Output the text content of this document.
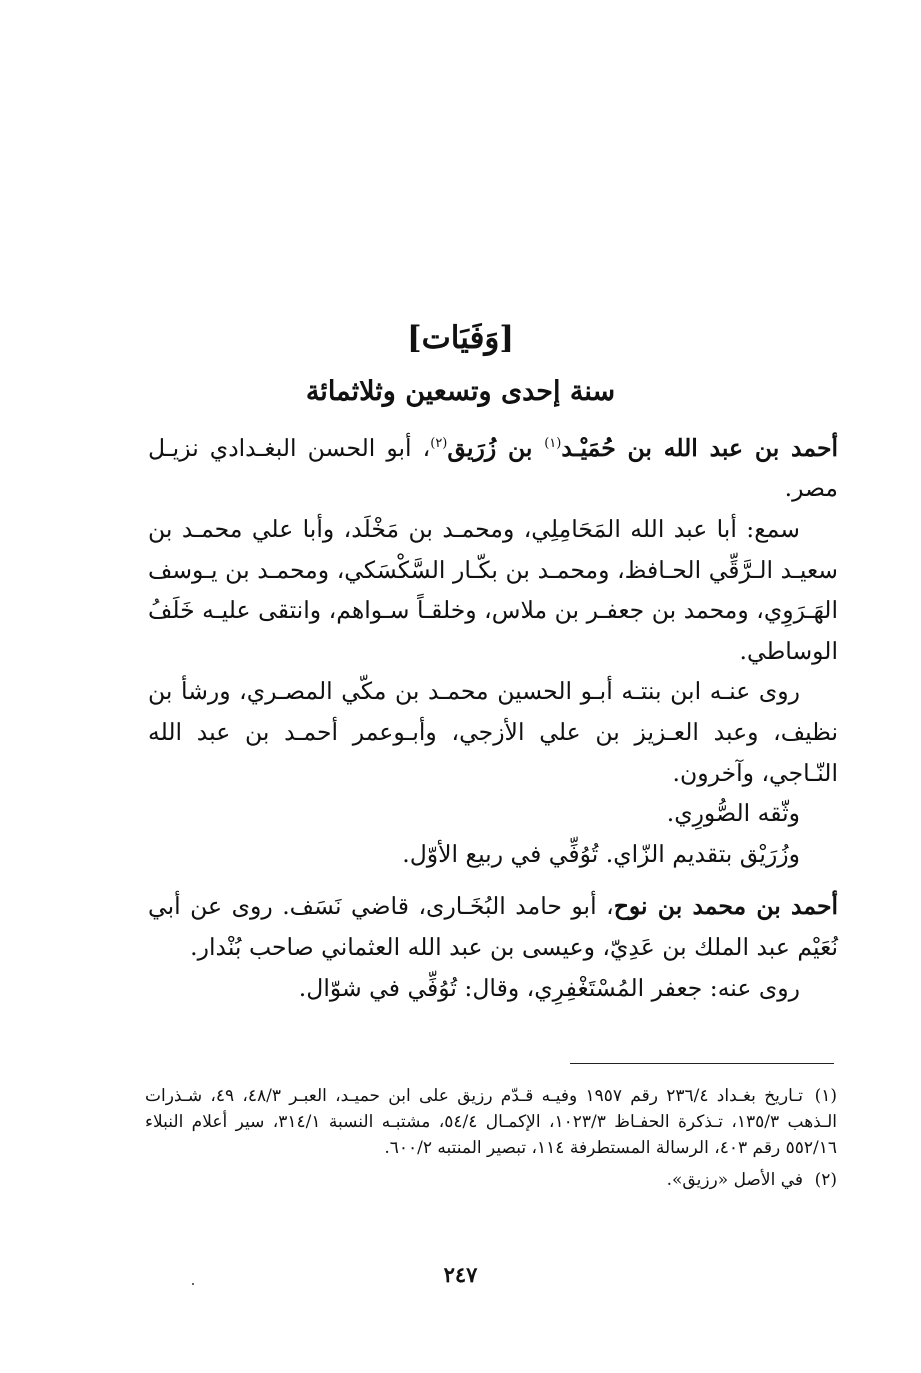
[وَفَيَات]
سنة إحدى وتسعين وثلاثمائة

أحمد بن عبد الله بن حُمَيْـد$^{(١)}$ بن زُرَيق$^{(٢)}$، أبو الحسن البغـدادي نزيـل مصر.

سمع: أبا عبد الله المَحَامِلِي، ومحمـد بن مَخْلَد، وأبا علي محمـد بن سعيـد الـرَّقِّي الحـافظ، ومحمـد بن بكّـار السَّكْسَكي، ومحمـد بن يـوسف الهَـرَوِي، ومحمد بن جعفـر بن ملاس، وخلقـاً سـواهم، وانتقى عليـه خَلَفُ الوساطي.

روى عنـه ابن بنتـه أبـو الحسين محمـد بن مكّي المصـري، ورشأ بن نظيف، وعبد العـزيز بن علي الأزجي، وأبـوعمر أحمـد بن عبد الله النّـاجي، وآخرون.

وثّقه الصُّورِي.

وزُرَيْق بتقديم الزّاي. تُوُفِّي في ربيع الأوّل.

أحمد بن محمد بن نوح، أبو حامد البُخَـارى، قاضي نَسَف. روى عن أبي نُعَيْم عبد الملك بن عَدِيّ، وعيسى بن عبد الله العثماني صاحب بُنْدار.

روى عنه: جعفر المُسْتَغْفِرِي، وقال: تُوُفِّي في شوّال.

(١)تـاريخ بغـداد ٢٣٦/٤ رقم ١٩٥٧ وفيـه قـدّم رزيق على ابن حميـد، العبـر ٤٨/٣، ٤٩، شـذرات الـذهب ١٣٥/٣، تـذكرة الحفـاظ ١٠٢٣/٣، الإكمـال ٥٤/٤، مشتبـه النسبة ٣١٤/١، سير أعلام النبلاء ٥٥٢/١٦ رقم ٤٠٣، الرسالة المستطرفة ١١٤، تبصير المنتبه ٦٠٠/٢.

(٢)في الأصل «رزيق».

٢٤٧
